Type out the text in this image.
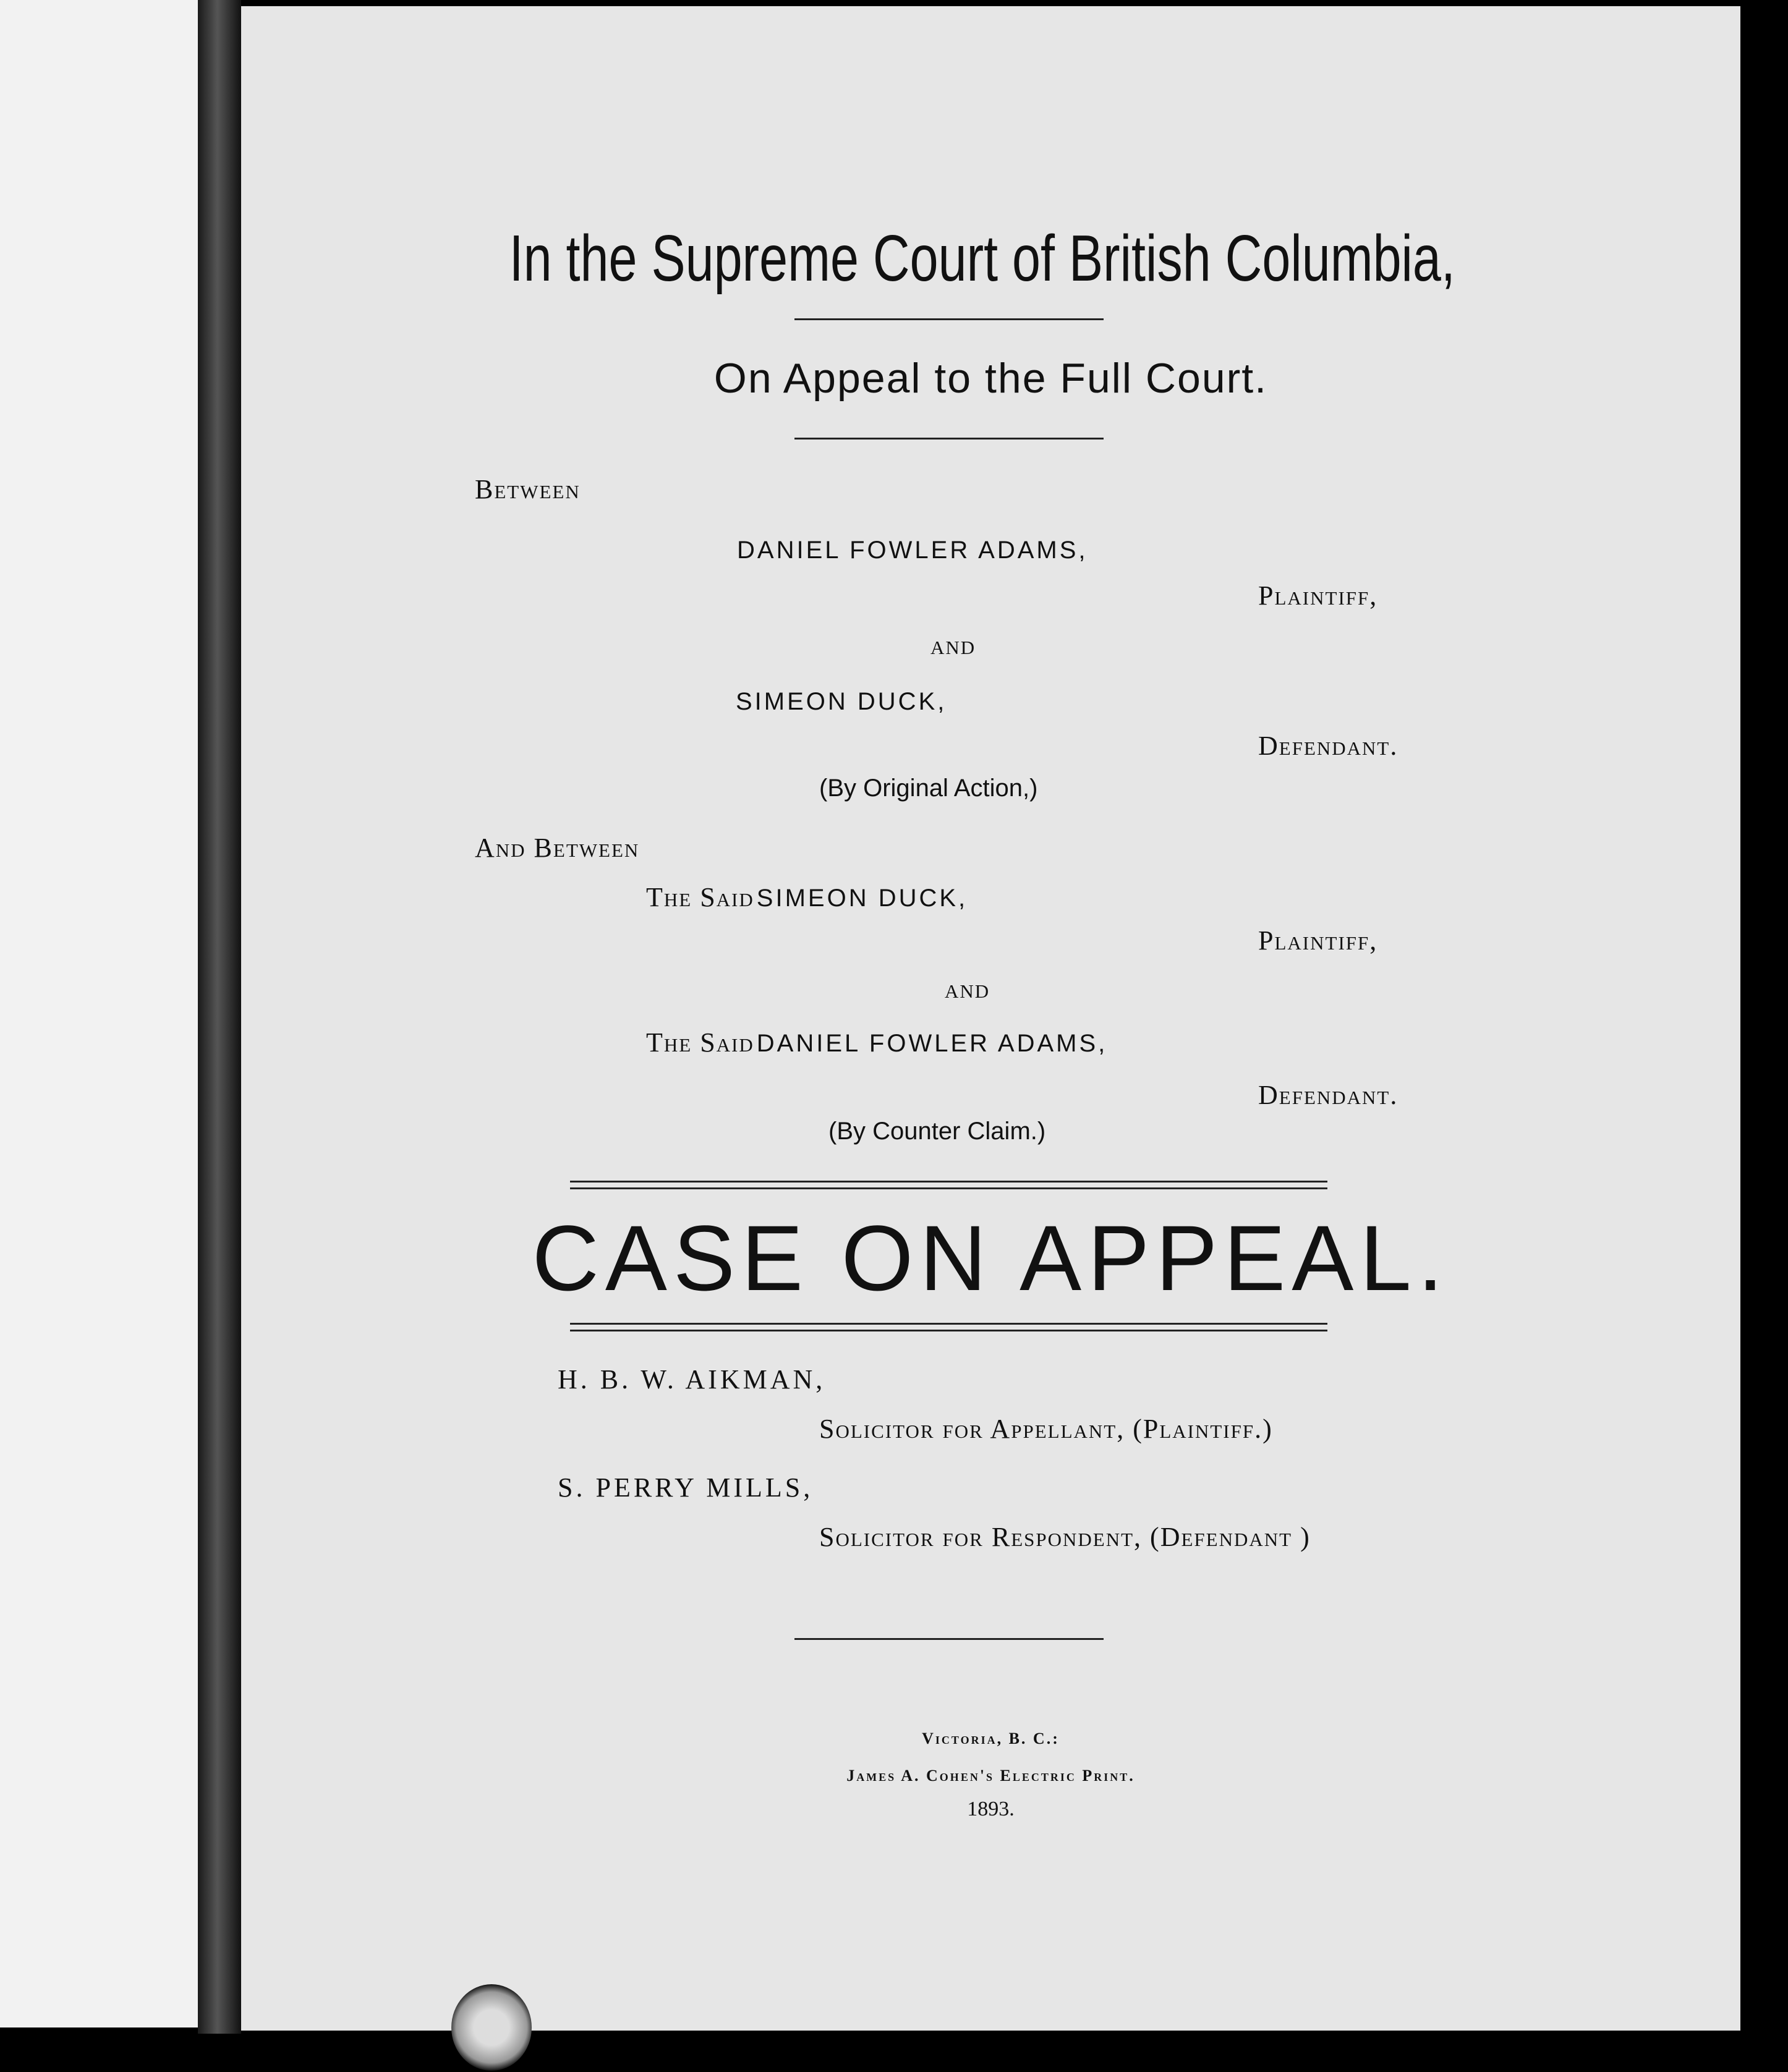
In the Supreme Court of British Columbia,
On Appeal to the Full Court.
Between
DANIEL FOWLER ADAMS,
Plaintiff,
and
SIMEON DUCK,
Defendant.
(By Original Action,)
And Between
The Said SIMEON DUCK,
Plaintiff,
and
The Said DANIEL FOWLER ADAMS,
Defendant.
(By Counter Claim.)
CASE ON APPEAL.
H. B. W. AIKMAN,
Solicitor for Appellant, (Plaintiff.)
S. PERRY MILLS,
Solicitor for Respondent, (Defendant )
Victoria, B. C.:
James A. Cohen's Electric Print.
1893.
